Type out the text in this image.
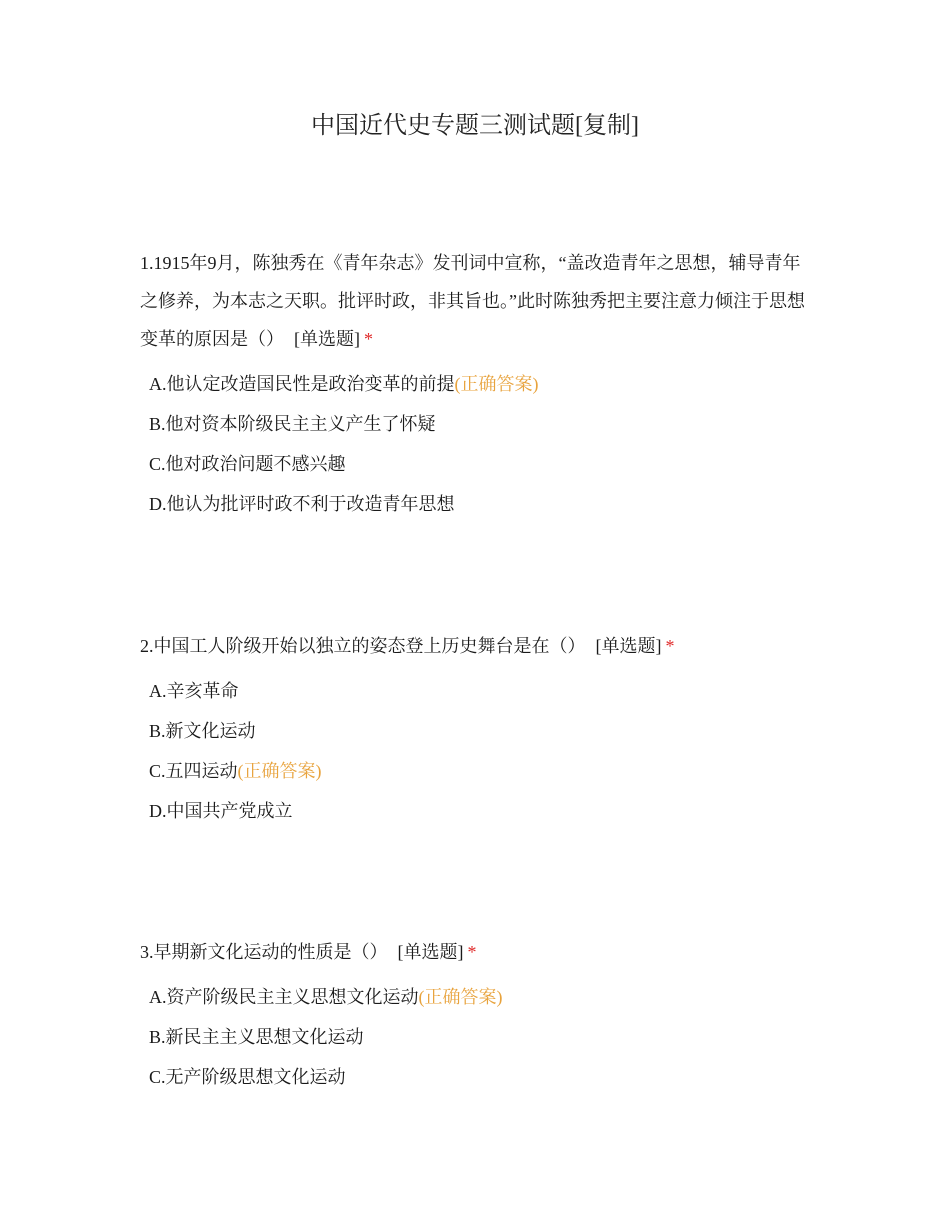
中国近代史专题三测试题[复制]

1.1915年9月，陈独秀在《青年杂志》发刊词中宣称，“盖改造青年之思想，辅导青年之修养，为本志之天职。批评时政，非其旨也。”此时陈独秀把主要注意力倾注于思想变革的原因是（） [单选题] *

A.他认定改造国民性是政治变革的前提(正确答案)
B.他对资本阶级民主主义产生了怀疑
C.他对政治问题不感兴趣
D.他认为批评时政不利于改造青年思想

2.中国工人阶级开始以独立的姿态登上历史舞台是在（） [单选题] *

A.辛亥革命
B.新文化运动
C.五四运动(正确答案)
D.中国共产党成立

3.早期新文化运动的性质是（） [单选题] *

A.资产阶级民主主义思想文化运动(正确答案)
B.新民主主义思想文化运动
C.无产阶级思想文化运动
